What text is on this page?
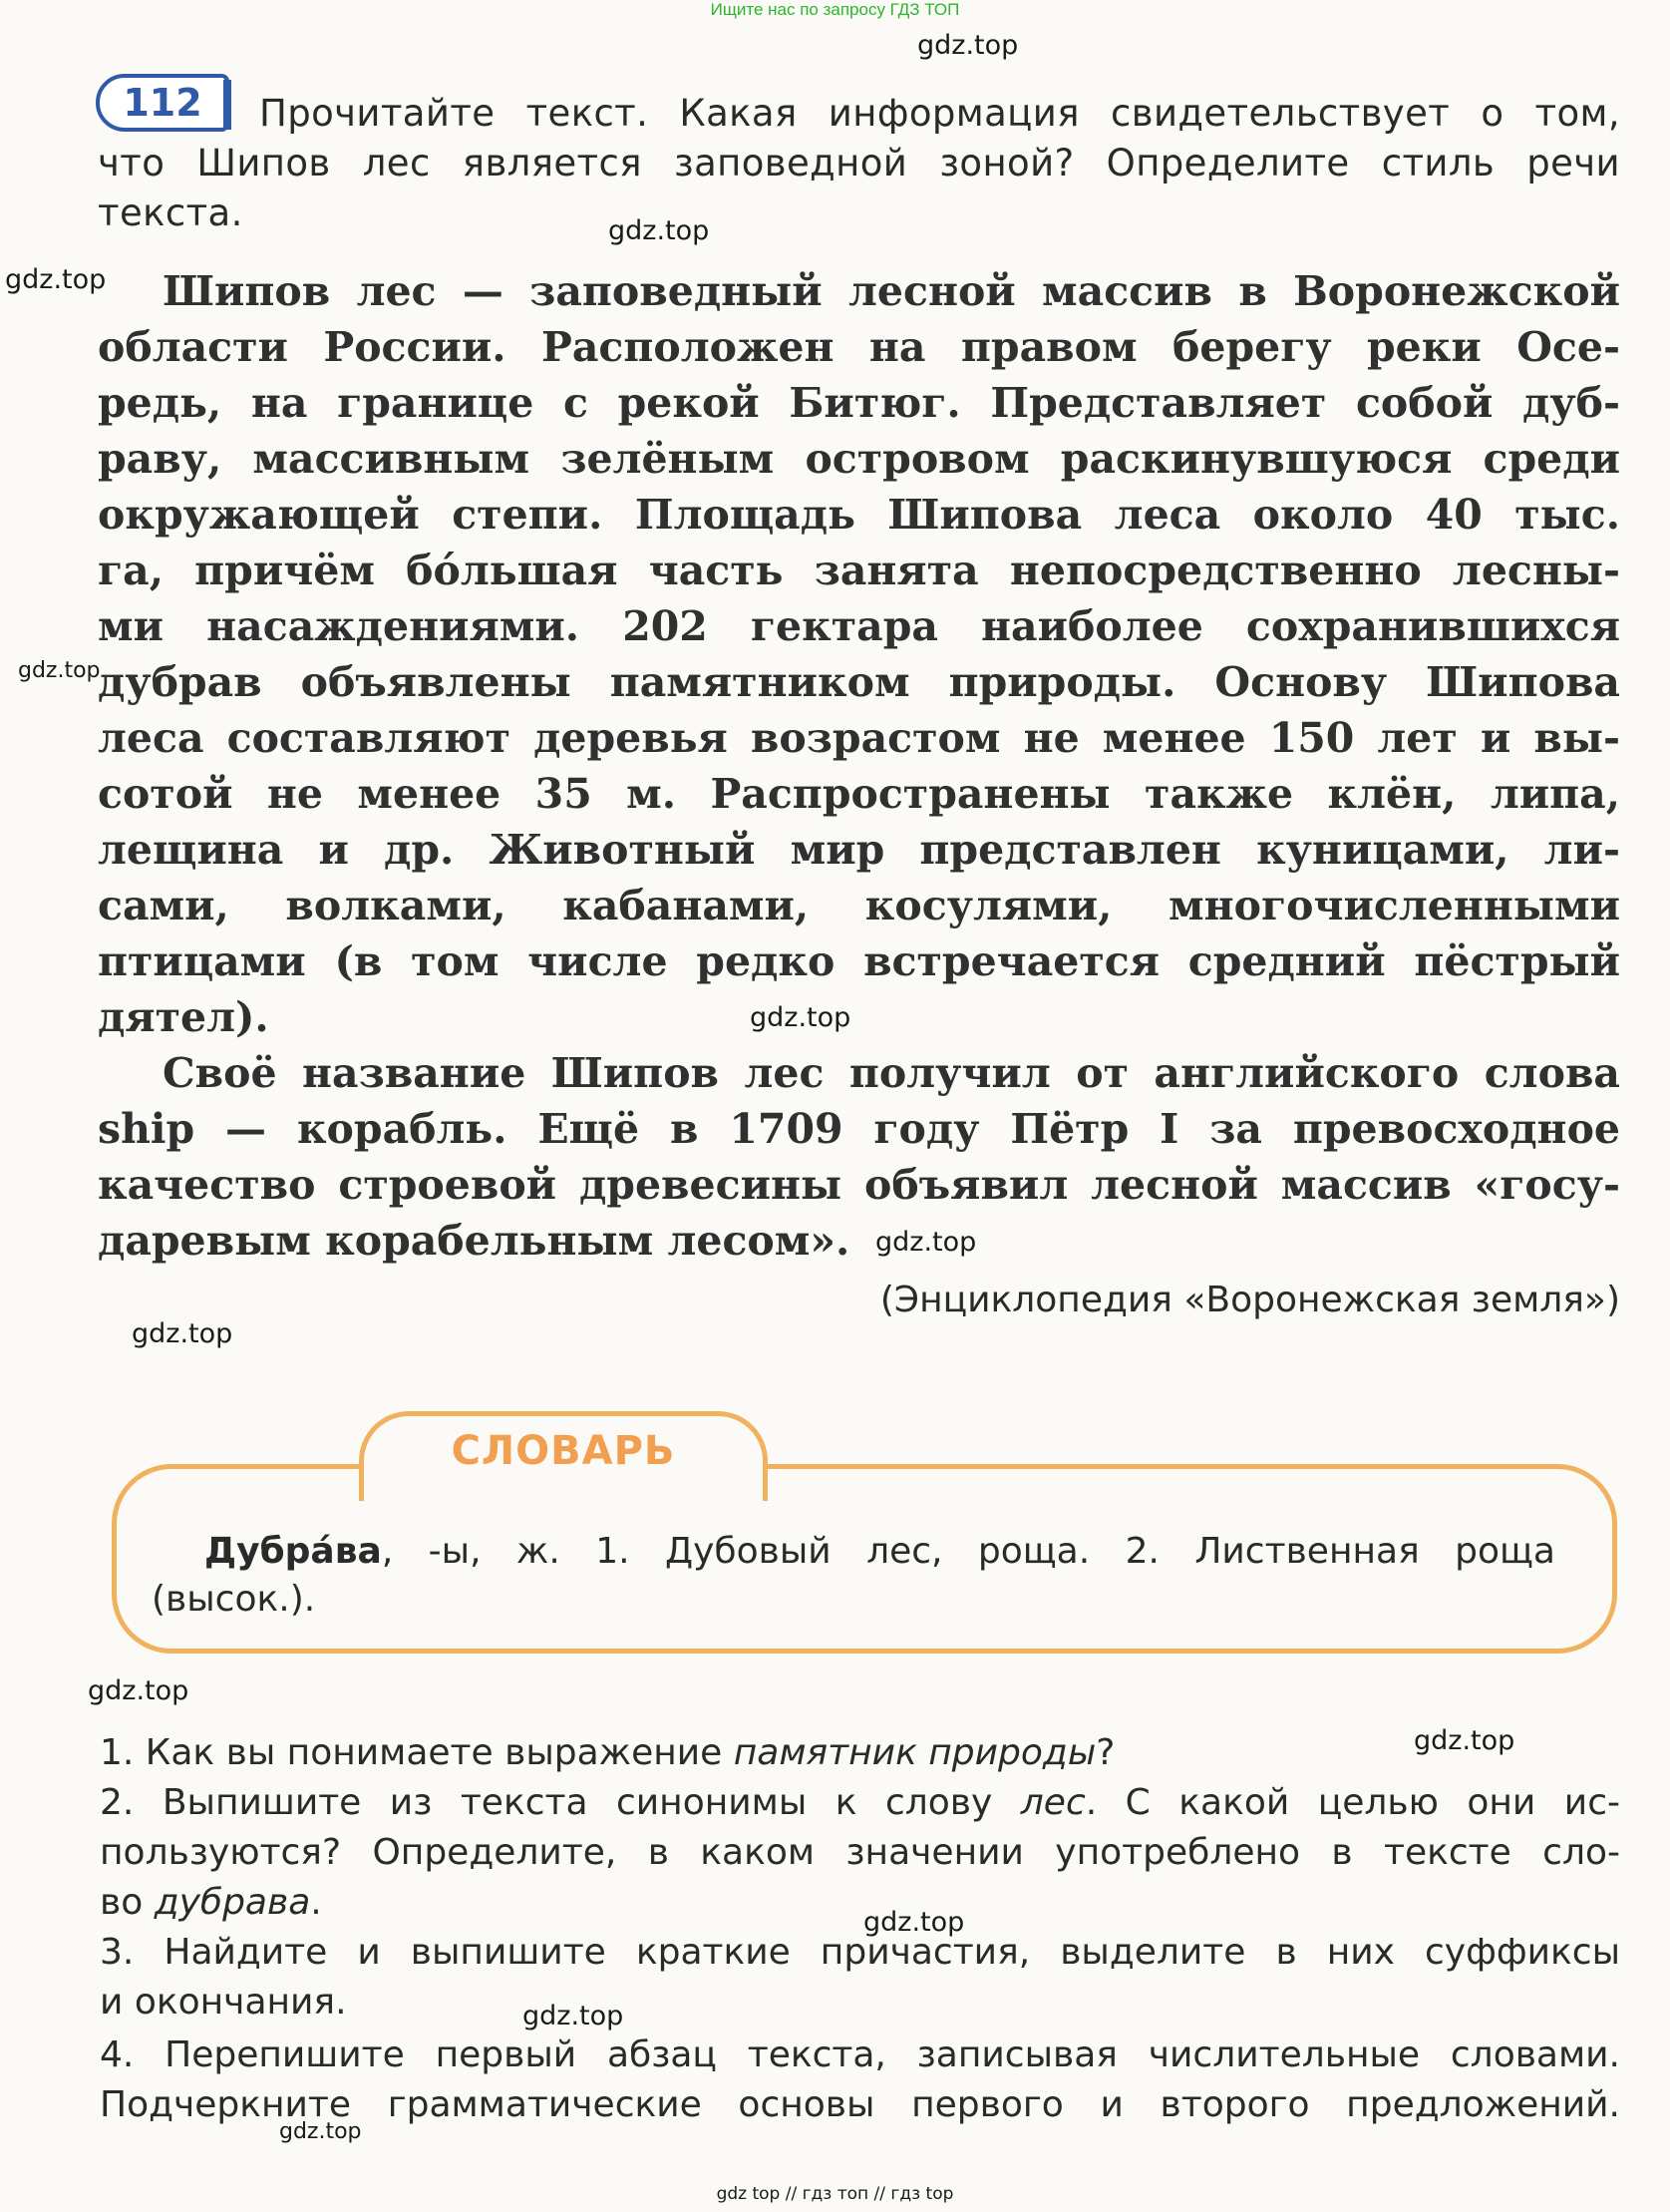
Ищите нас по запросу ГДЗ ТОП
gdz.top
gdz.top
gdz.top
gdz.top
gdz.top
gdz.top
gdz.top
gdz.top
gdz.top
gdz.top
gdz.top
gdz.top
112 Прочитайте текст. Какая информация свидетельствует о том,
что Шипов лес является заповедной зоной? Определите стиль речи
текста.
Шипов лес — заповедный лесной массив в Воронежской
области России. Расположен на правом берегу реки Осе-
редь, на границе с рекой Битюг. Представляет собой дуб-
раву, массивным зелёным островом раскинувшуюся среди
окружающей степи. Площадь Шипова леса около 40 тыс.
га, причём бóльшая часть занята непосредственно лесны-
ми насаждениями. 202 гектара наиболее сохранившихся
дубрав объявлены памятником природы. Основу Шипова
леса составляют деревья возрастом не менее 150 лет и вы-
сотой не менее 35 м. Распространены также клён, липа,
лещина и др. Животный мир представлен куницами, ли-
сами, волками, кабанами, косулями, многочисленными
птицами (в том числе редко встречается средний пёстрый
дятел).
Своё название Шипов лес получил от английского слова
ship — корабль. Ещё в 1709 году Пётр I за превосходное
качество строевой древесины объявил лесной массив «госу-
даревым корабельным лесом».
(Энциклопедия «Воронежская земля»)
СЛОВАРЬ
Дубрáва, -ы, ж. 1. Дубовый лес, роща. 2. Лиственная роща
(высок.).
1. Как вы понимаете выражение памятник природы?
2. Выпишите из текста синонимы к слову лес. С какой целью они ис-
пользуются? Определите, в каком значении употреблено в тексте сло-
во дубрава.
3. Найдите и выпишите краткие причастия, выделите в них суффиксы
и окончания.
4. Перепишите первый абзац текста, записывая числительные словами.
Подчеркните грамматические основы первого и второго предложений.
gdz top // гдз топ // гдз top
